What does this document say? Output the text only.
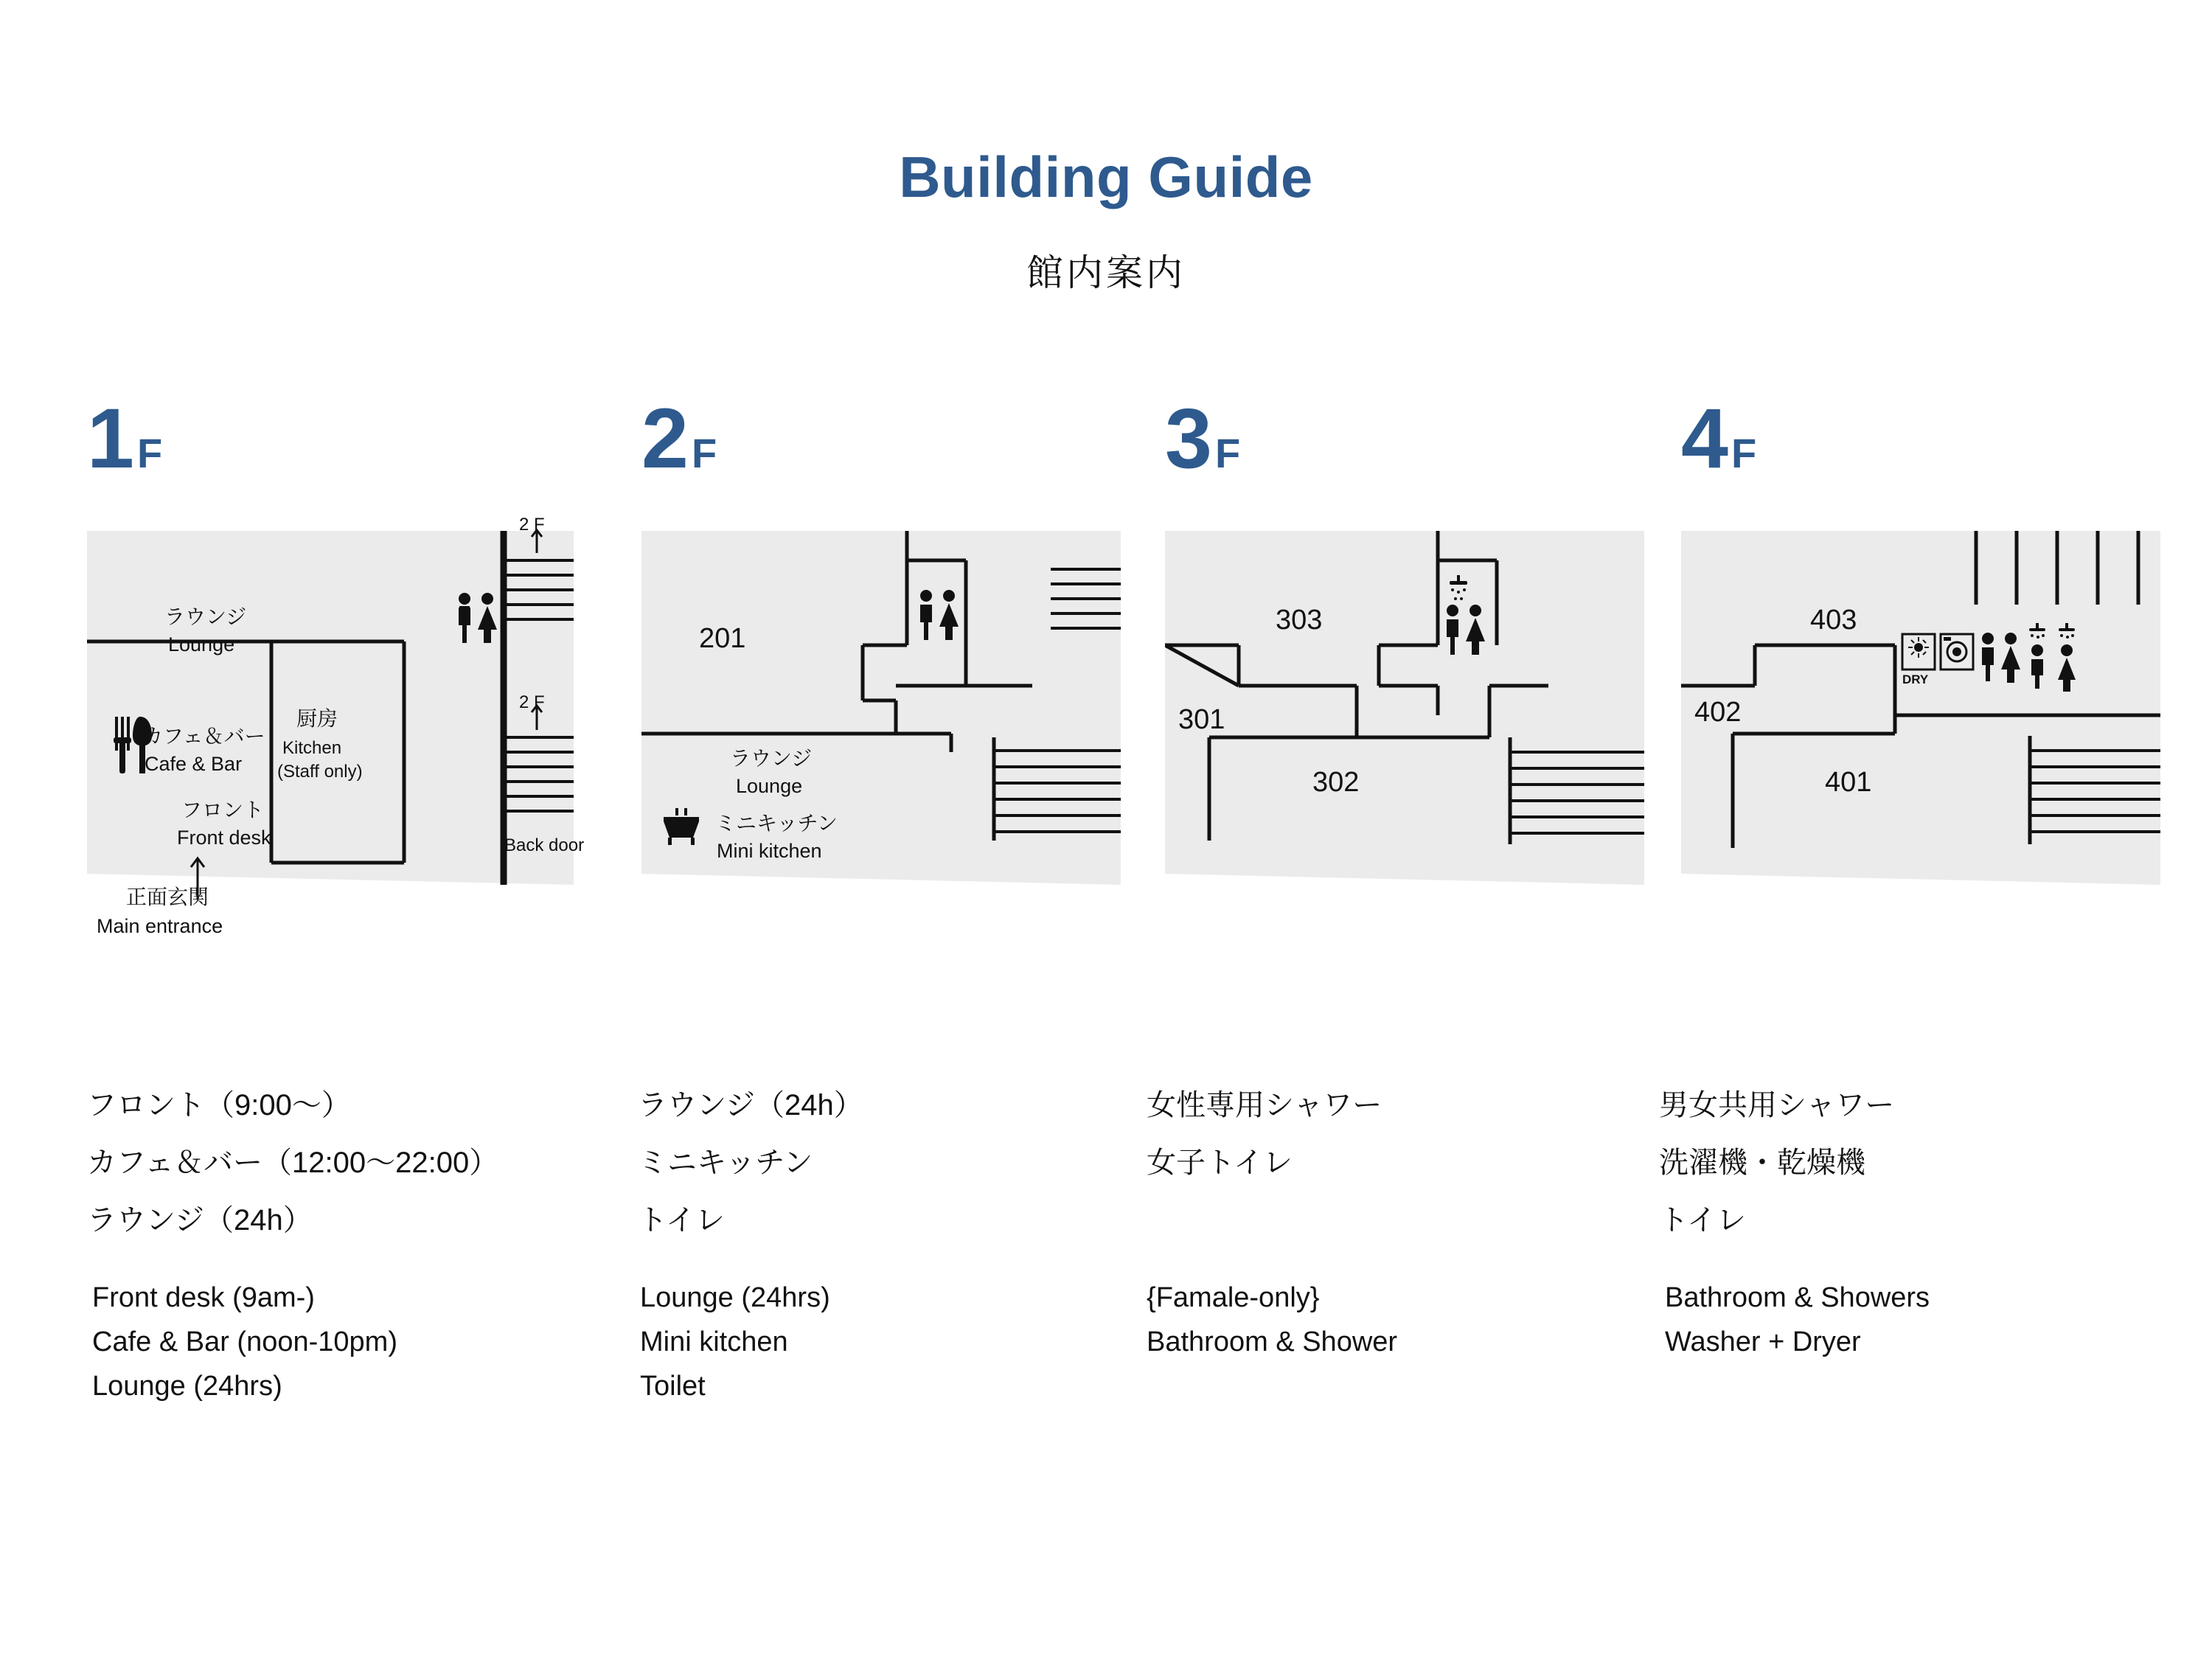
Building Guide
館内案内
1F
ラウンジ
Lounge
カフェ＆バー
Cafe & Bar
厨房
Kitchen
(Staff only)
フロント
Front desk
2 F
2 F
Back door
正面玄関
Main entrance
2F
201
ラウンジ
Lounge
ミニキッチン
Mini kitchen
3F
303
301
302
4F
403
402
401
DRY
フロント（9:00〜）
カフェ＆バー（12:00〜22:00）
ラウンジ（24h）
ラウンジ（24h）
ミニキッチン
トイレ
女性専用シャワー
女子トイレ
男女共用シャワー
洗濯機・乾燥機
トイレ
Front desk (9am-)
Cafe & Bar (noon-10pm)
Lounge (24hrs)
Lounge (24hrs)
Mini kitchen
Toilet
{Famale-only}
Bathroom & Shower
Bathroom & Showers
Washer + Dryer
